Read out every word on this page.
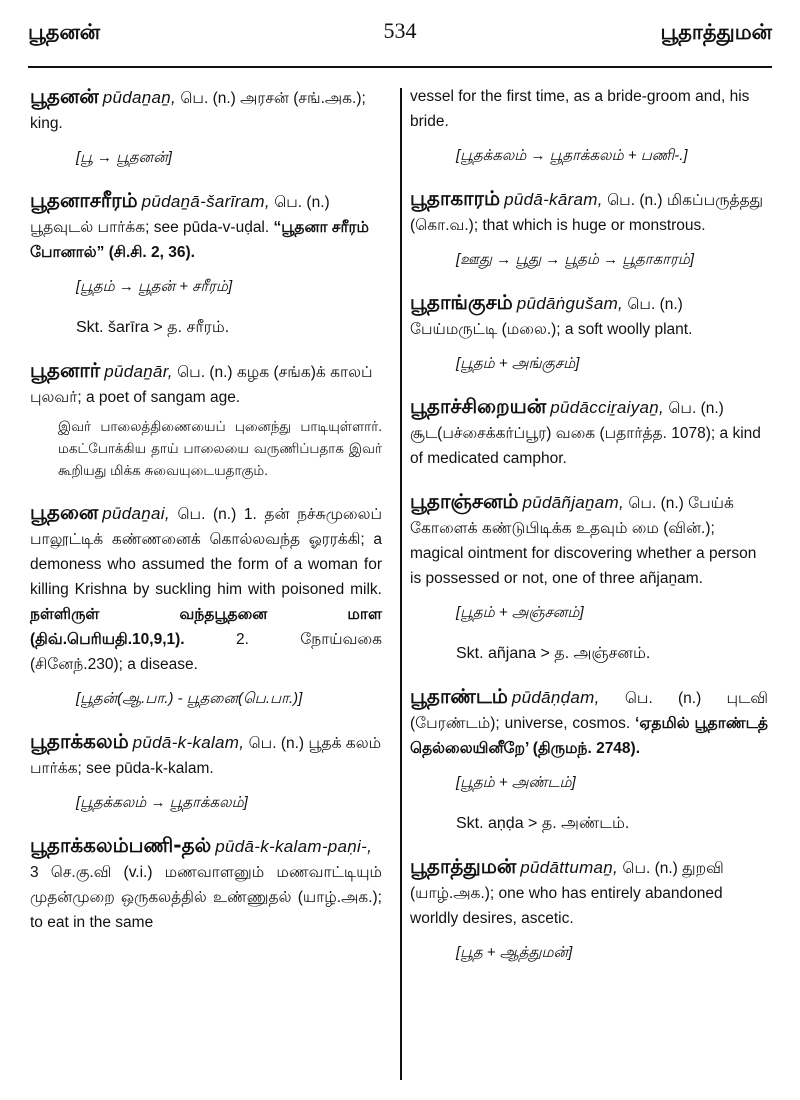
பூதனன்	534	பூதாத்துமன்
பூதனன் pūdaṉaṉ, பெ. (n.) அரசன் (சங்.அக.); king.
[பூ → பூதனன்]
பூதனாசரீரம் pūdaṉā-šarīram, பெ. (n.) பூதவுடல் பார்க்க; see pūda-v-uḍal. “பூதனா சரீரம் போனால்” (சி.சி. 2, 36).
[பூதம் → பூதன் + சரீரம்]
Skt. šarīra > த. சரீரம்.
பூதனார் pūdaṉār, பெ. (n.) கழக (சங்க)க் காலப் புலவர்; a poet of sangam age.
இவர் பாலைத்திணையைப் புனைந்து பாடியுள்ளார். மகட்போக்கிய தாய் பாலையை வருணிப்பதாக இவர் கூறியது மிக்க சுவையுடையதாகும்.
பூதனை pūdaṉai, பெ. (n.) 1. தன் நச்சுமுலைப் பாலூட்டிக் கண்ணனைக் கொல்லவந்த ஓரரக்கி; a demoness who assumed the form of a woman for killing Krishna by suckling him with poisoned milk. நள்ளிருள் வந்தபூதனை மாள (திவ்.பெரியதி.10,9,1). 2. நோய்வகை (சினேந்.230); a disease.
[பூதன்(ஆ.பா.) - பூதனை(பெ.பா.)]
பூதாக்கலம் pūdā-k-kalam, பெ. (n.) பூதக் கலம் பார்க்க; see pūda-k-kalam.
[பூதக்கலம் → பூதாக்கலம்]
பூதாக்கலம்பணி-தல் pūdā-k-kalam-paṇi-, 3 செ.கு.வி (v.i.) மணவாளனும் மணவாட்டியும் முதன்முறை ஒருகலத்தில் உண்ணுதல் (யாழ்.அக.); to eat in the same
vessel for the first time, as a bride-groom and, his bride.
[பூதக்கலம் → பூதாக்கலம் + பணி-.]
பூதாகாரம் pūdā-kāram, பெ. (n.) மிகப்பருத்தது (கொ.வ.); that which is huge or monstrous.
[ஊது → பூது → பூதம் → பூதாகாரம்]
பூதாங்குசம் pūdāṅgušam, பெ. (n.) பேய்மருட்டி (மலை.); a soft woolly plant.
[பூதம் + அங்குசம்]
பூதாச்சிறையன் pūdācciṟaiyaṉ, பெ. (n.) சூட(பச்சைக்கர்ப்பூர) வகை (பதார்த்த. 1078); a kind of medicated camphor.
பூதாஞ்சனம் pūdāñjaṉam, பெ. (n.) பேய்க் கோளைக் கண்டுபிடிக்க உதவும் மை (வின்.); magical ointment for discovering whether a person is possessed or not, one of three añjaṉam.
[பூதம் + அஞ்சனம்]
Skt. añjana > த. அஞ்சனம்.
பூதாண்டம் pūdāṇḍam, பெ. (n.) புடவி (பேரண்டம்); universe, cosmos. ‘ஏதமில் பூதாண்டத் தெல்லையினீறே’ (திருமந். 2748).
[பூதம் + அண்டம்]
Skt. aṇḍa > த. அண்டம்.
பூதாத்துமன் pūdāttumaṉ, பெ. (n.) துறவி (யாழ்.அக.); one who has entirely abandoned worldly desires, ascetic.
[பூத + ஆத்துமன்]
